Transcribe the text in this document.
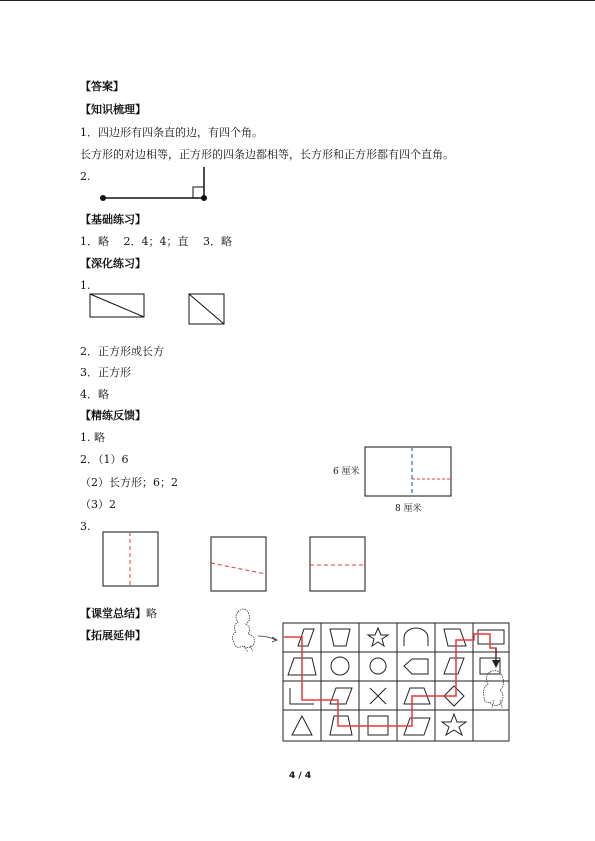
【答案】
【知识梳理】
1．四边形有四条直的边，有四个角。
长方形的对边相等，正方形的四条边都相等，长方形和正方形都有四个直角。
2.
【基础练习】
1．略　 2．4；4；直　 3．略
【深化练习】
1.
2．正方形或长方
3．正方形
4．略
【精练反馈】
1. 略
2．（1）6
（2）长方形；6；2
（3）2
6 厘米
8 厘米
3.
【课堂总结】略
【拓展延伸】
4 / 4
